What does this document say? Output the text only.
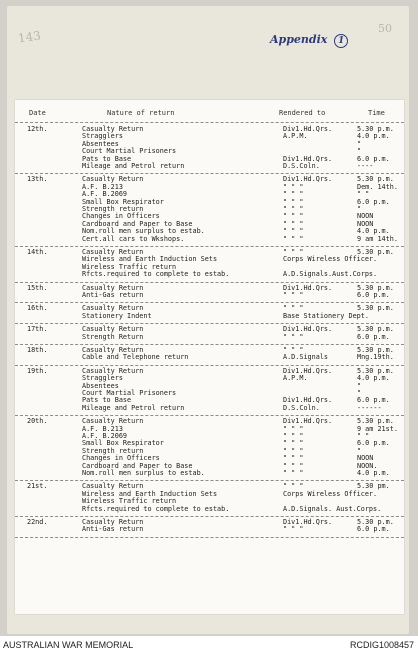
143	50
Appendix 1
Date	Nature of return	Rendered to	Time
12th.	Casualty Return	Div1.Hd.Qrs.	5.30 p.m.
Stragglers	A.P.M.	4.0 p.m.
Absentees	"
Court Martial Prisoners	"
Pats to Base	Div1.Hd.Qrs.	6.0 p.m.
Mileage and Petrol return	D.S.Coln.	----
13th.	Casualty Return	Div1.Hd.Qrs.	5.30 p.m.
A.F. B.213	" " "	Dem. 14th.
A.F. B.2069	" " "	" "
Small Box Respirator	" " "	6.0 p.m.
Strength return	" " "	"
Changes in Officers	" " "	NOON
Cardboard and Paper to Base	" " "	NOON
Nom.roll men surplus to estab.	" " "	4.0 p.m.
Cert.all cars to Wkshops.	" " "	9 am 14th.
14th.	Casualty Return	" " "	5.30 p.m.
Wireless and Earth Induction Sets	Corps Wireless Officer.
Wireless Traffic return
Rfcts.required to complete to estab.	A.D.Signals.Aust.Corps.
15th.	Casualty Return	Div1.Hd.Qrs.	5.30 p.m.
Anti-Gas return	" " "	6.0 p.m.
16th.	Casualty Return	" " "	5.30 p.m.
Stationery Indent	Base Stationery Dept.
17th.	Casualty Return	Div1.Hd.Qrs.	5.30 p.m.
Strength Return	" " "	6.0 p.m.
18th.	Casualty Return	" " "	5.30 p.m.
Cable and Telephone return	A.D.Signals	Mng.19th.
19th.	Casualty Return	Div1.Hd.Qrs.	5.30 p.m.
Stragglers	A.P.M.	4.0 p.m.
Absentees	"
Court Martial Prisoners	"
Pats to Base	Div1.Hd.Qrs.	6.0 p.m.
Mileage and Petrol return	D.S.Coln.	------
20th.	Casualty Return	Div1.Hd.Qrs.	5.30 p.m.
A.F. B.213	" " "	9 am 21st.
A.F. B.2069	" " "	" "
Small Box Respirator	" " "	6.0 p.m.
Strength return	" " "	"
Changes in Officers	" " "	NOON
Cardboard and Paper to Base	" " "	NOON.
Nom.roll men surplus to estab.	" " "	4.0 p.m.
21st.	Casualty Return	" " "	5.30 pm.
Wireless and Earth Induction Sets	Corps Wireless Officer.
Wireless Traffic return
Rfcts.required to complete to estab.	A.D.Signals. Aust.Corps.
22nd.	Casualty Return	Div1.Hd.Qrs.	5.30 p.m.
Anti-Gas return	" " "	6.0 p.m.
AUSTRALIAN WAR MEMORIAL	RCDIG1008457
